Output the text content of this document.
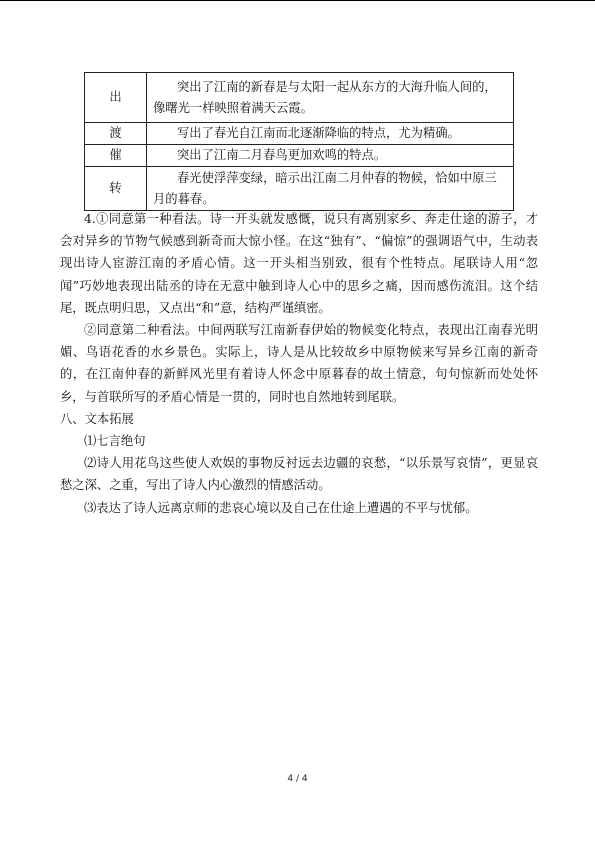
出	突出了江南的新春是与太阳一起从东方的大海升临人间的，像曙光一样映照着满天云霞。
渡	写出了春光自江南而北逐渐降临的特点，尤为精确。
催	突出了江南二月春鸟更加欢鸣的特点。
转	春光使浮萍变绿，暗示出江南二月仲春的物候，恰如中原三月的暮春。

4.①同意第一种看法。诗一开头就发感慨，说只有离别家乡、奔走仕途的游子，才会对异乡的节物气候感到新奇而大惊小怪。在这“独有”、“偏惊”的强调语气中，生动表现出诗人宦游江南的矛盾心情。这一开头相当别致，很有个性特点。尾联诗人用“忽闻”巧妙地表现出陆丞的诗在无意中触到诗人心中的思乡之痛，因而感伤流泪。这个结尾，既点明归思，又点出“和”意，结构严谨缜密。

②同意第二种看法。中间两联写江南新春伊始的物候变化特点，表现出江南春光明媚、鸟语花香的水乡景色。实际上，诗人是从比较故乡中原物候来写异乡江南的新奇的，在江南仲春的新鲜风光里有着诗人怀念中原暮春的故土情意，句句惊新而处处怀乡，与首联所写的矛盾心情是一贯的，同时也自然地转到尾联。

八、文本拓展

⑴七言绝句

⑵诗人用花鸟这些使人欢娱的事物反衬远去边疆的哀愁，“以乐景写哀情”，更显哀愁之深、之重，写出了诗人内心激烈的情感活动。

⑶表达了诗人远离京师的悲哀心境以及自己在仕途上遭遇的不平与忧郁。

4 / 4
